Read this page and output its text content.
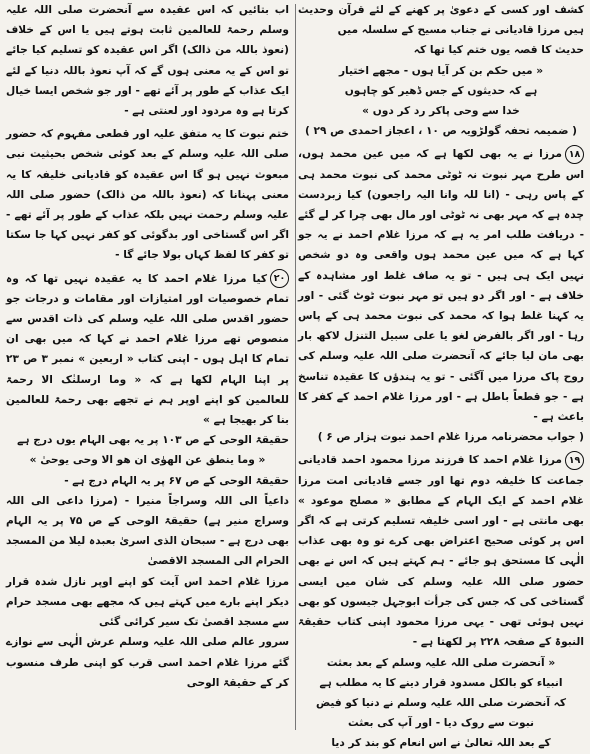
کشف اور کسی کے دعویٰ پر کھنے کے لئے قرآن وحدیث ہیں مرزا قادیانی نے جناب مسیح کے سلسلہ میں

حدیث کا قصہ یوں ختم کیا تھا کہ

« میں حکم بن کر آیا ہوں - مجھے اختیار

ہے کہ حدیثوں کے جس ڈھیر کو چاہوں

خدا سے وحی پاکر رد کر دوں »

( ضمیمہ تحفہ گولڑویہ ص ۱۰ ، اعجاز احمدی ص ۲۹ )

۱۸مرزا نے یہ بھی لکھا ہے کہ میں عین محمد ہوں، اس طرح مہر نبوت نہ ٹوٹی محمد کی نبوت محمد ہی کے پاس رہی - (انا للہ وانا الیہ راجعون) کیا زبردست چدہ ہے کہ مہر بھی نہ ٹوٹی اور مال بھی چرا کر لے گئے - دریافت طلب امر یہ ہے کہ مرزا غلام احمد نے یہ جو کہا ہے کہ میں عین محمد ہوں واقعی وہ دو شخص نہیں ایک ہی ہیں - تو یہ صاف غلط اور مشاہدہ کے خلاف ہے - اور اگر دو ہیں تو مہر نبوت ٹوٹ گئی - اور یہ کہنا غلط ہوا کہ محمد کی نبوت محمد ہی کے پاس رہا - اور اگر بالفرض لغو یا علی سبیل التنزل لاکھ بار بھی مان لیا جائے کہ آنحضرت صلی اللہ علیہ وسلم کی روح پاک مرزا میں آگئی - تو یہ ہندؤں کا عقیدہ تناسخ ہے - جو قطعاً باطل ہے - اور مرزا غلام احمد کے کفر کا باعث ہے -

( جواب محضرنامہ مرزا غلام احمد نبوت ہزار ص ۶ )

۱۹مرزا غلام احمد کا فرزند مرزا محمود احمد قادیانی جماعت کا خلیفہ دوم تھا اور جسے قادیانی امت مرزا غلام احمد کے ایک الہام کے مطابق « مصلح موعود » بھی مانتی ہے - اور اسی خلیفہ تسلیم کرتی ہے کہ اگر اس پر کوئی صحیح اعتراض بھی کرے تو وہ بھی عذاب الٰہی کا مستحق ہو جائے - ہم کہتے ہیں کہ اس نے بھی حضور صلی اللہ علیہ وسلم کی شان میں ایسی گستاخی کی کہ جس کی جرأت ابوجہل جیسوں کو بھی نہیں ہوئی تھی - یہی مرزا محمود اپنی کتاب حقیقۃ النبوۃ کے صفحہ ۲۲۸ پر لکھتا ہے -

« آنحضرت صلی اللہ علیہ وسلم کے بعد بعثت

انبیاء کو بالکل مسدود قرار دینے کا یہ مطلب ہے

کہ آنحضرت صلی اللہ علیہ وسلم نے دنیا کو فیض

نبوت سے روک دیا - اور آپ کی بعثت

کے بعد اللہ تعالیٰ نے اس انعام کو بند کر دیا

اب بتائیں کہ اس عقیدہ سے آنحضرت صلی اللہ علیہ وسلم رحمۃ للعالمین ثابت ہوتے ہیں یا اس کے خلاف (نعوذ باللہ من ذالک) اگر اس عقیدہ کو تسلیم کیا جائے تو اس کے یہ معنی ہوں گے کہ آپ نعوذ باللہ دنیا کے لئے ایک عذاب کے طور پر آئے تھے - اور جو شخص ایسا خیال کرتا ہے وہ مردود اور لعنتی ہے -

ختم نبوت کا یہ متفق علیہ اور قطعی مفہوم کہ حضور صلی اللہ علیہ وسلم کے بعد کوئی شخص بحیثیت نبی مبعوث نہیں ہو گا اس عقیدہ کو قادیانی خلیفہ کا یہ معنی پہنانا کہ (نعوذ باللہ من ذالک) حضور صلی اللہ علیہ وسلم رحمت نہیں بلکہ عذاب کے طور پر آئے تھے - اگر اس گستاخی اور بدگوئی کو کفر نہیں کہا جا سکتا تو کفر کا لفظ کہاں بولا جائے گا -

۲۰کیا مرزا غلام احمد کا یہ عقیدہ نہیں تھا کہ وہ تمام خصوصیات اور امتیازات اور مقامات و درجات جو حضور اقدس صلی اللہ علیہ وسلم کی ذات اقدس سے منصوص تھے مرزا غلام احمد نے کہا کہ میں بھی ان تمام کا اہل ہوں - اپنی کتاب « اربعین » نمبر ۳ ص ۲۳ پر اپنا الہام لکھا ہے کہ « وما ارسلنٰک الا رحمۃ للعالمین کو اپنے اوپر ہم نے تجھے بھی رحمۃ للعالمین بنا کر بھیجا ہے »

حقیقۃ الوحی کے ص ۱۰۳ پر یہ بھی الہام یوں درج ہے

« وما ینطق عن الھوٰی ان ھو الا وحی یوحیٰ »

حقیقۃ الوحی کے ص ۶۷ پر یہ الہام درج ہے -

داعیاً الی اللہ وسراجاً منیرا - (مرزا داعی الی اللہ وسراج منیر ہے) حقیقۃ الوحی کے ص ۷۵ پر یہ الہام بھی درج ہے - سبحان الذی اسریٰ بعبدہ لیلا من المسجد الحرام الی المسجد الاقصیٰ

مرزا غلام احمد اس آیت کو اپنے اوپر نازل شدہ قرار دیکر اپنے بارے میں کہتے ہیں کہ مجھے بھی مسجد حرام سے مسجد اقصیٰ تک سیر کرائی گئی

سرور عالم صلی اللہ علیہ وسلم عرش الٰہی سے نوازے گئے مرزا غلام احمد اسی قرب کو اپنی طرف منسوب کر کے حقیقۃ الوحی
